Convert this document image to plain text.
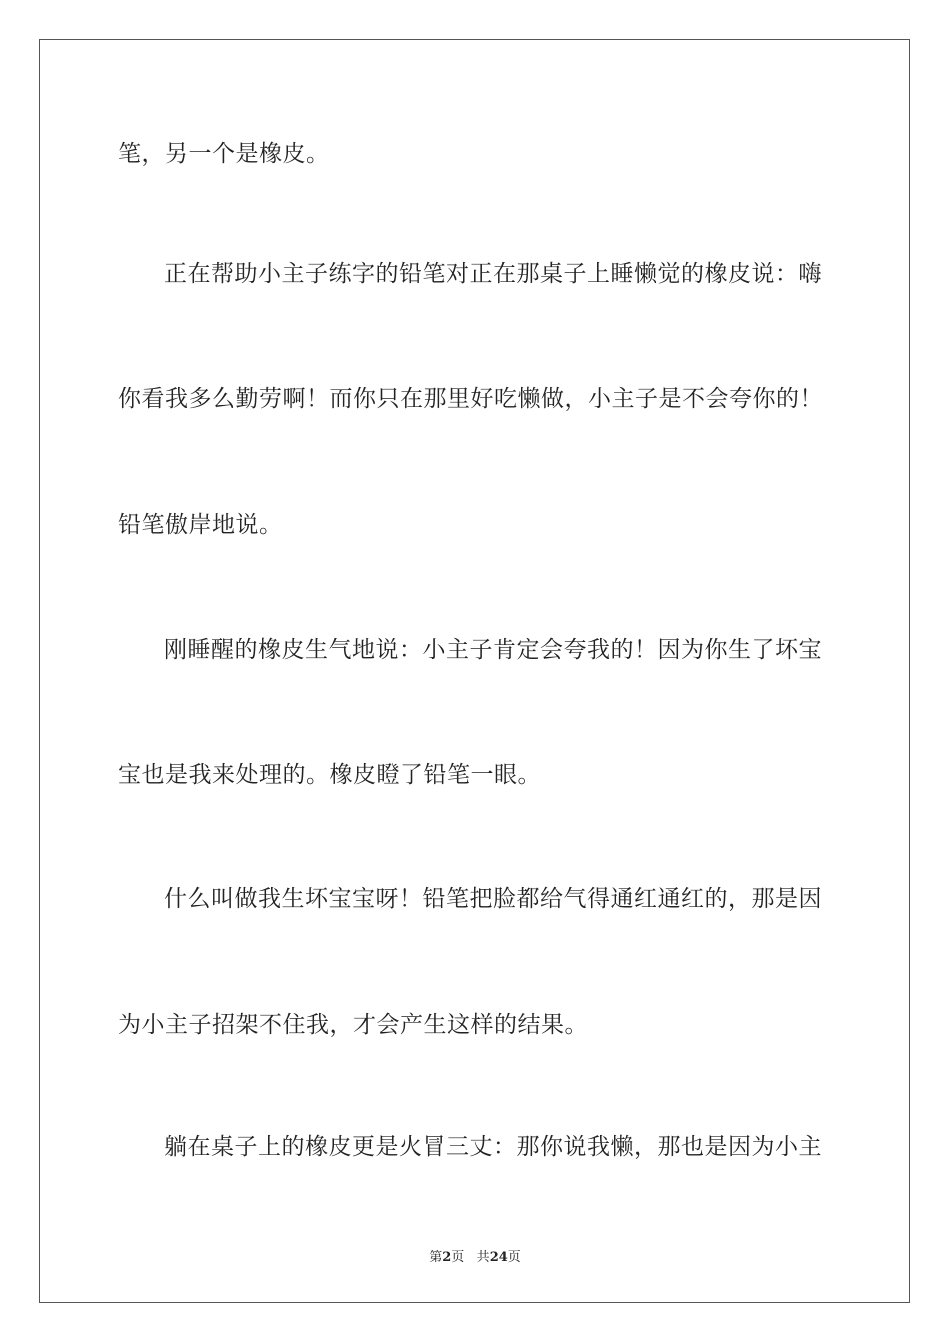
笔，另一个是橡皮。
正在帮助小主子练字的铅笔对正在那桌子上睡懒觉的橡皮说：嗨
你看我多么勤劳啊！而你只在那里好吃懒做，小主子是不会夸你的！
铅笔傲岸地说。
刚睡醒的橡皮生气地说：小主子肯定会夸我的！因为你生了坏宝
宝也是我来处理的。橡皮瞪了铅笔一眼。
什么叫做我生坏宝宝呀！铅笔把脸都给气得通红通红的，那是因
为小主子招架不住我，才会产生这样的结果。
躺在桌子上的橡皮更是火冒三丈：那你说我懒，那也是因为小主
第2页 共24页
